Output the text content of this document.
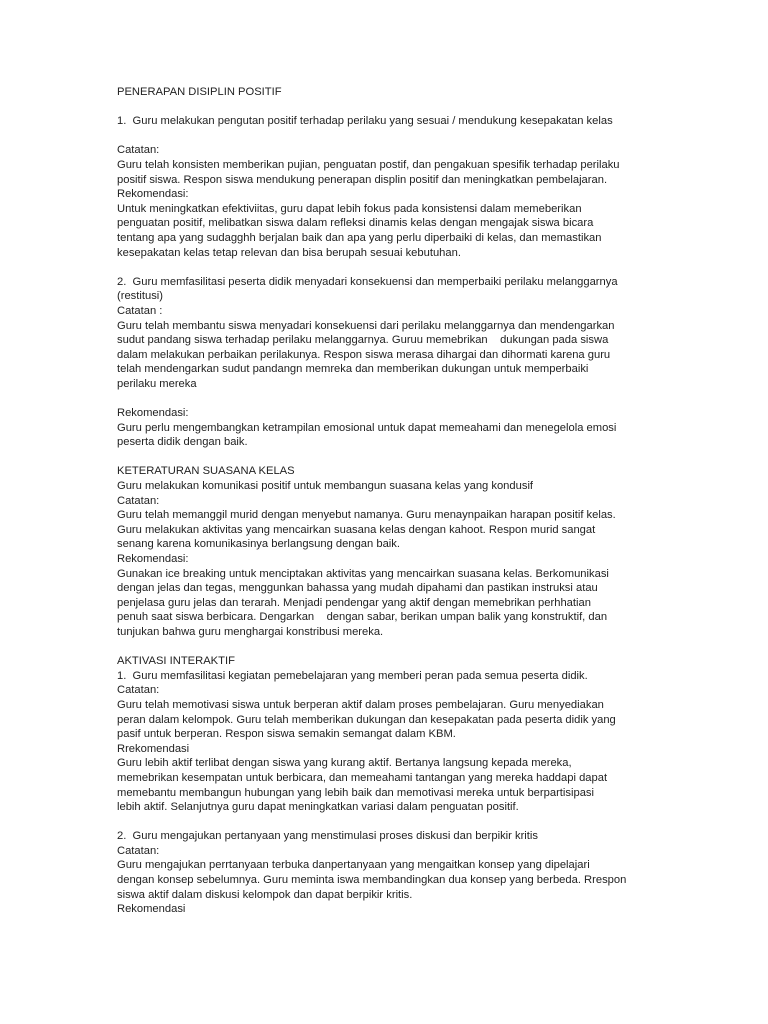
PENERAPAN DISIPLIN POSITIF
1.  Guru melakukan pengutan positif terhadap perilaku yang sesuai / mendukung kesepakatan kelas
Catatan:
Guru telah konsisten memberikan pujian, penguatan postif, dan pengakuan spesifik terhadap perilaku
positif siswa. Respon siswa mendukung penerapan displin positif dan meningkatkan pembelajaran.
Rekomendasi:
Untuk meningkatkan efektiviitas, guru dapat lebih fokus pada konsistensi dalam memeberikan
penguatan positif, melibatkan siswa dalam refleksi dinamis kelas dengan mengajak siswa bicara
tentang apa yang sudagghh berjalan baik dan apa yang perlu diperbaiki di kelas, dan memastikan
kesepakatan kelas tetap relevan dan bisa berupah sesuai kebutuhan.
2.  Guru memfasilitasi peserta didik menyadari konsekuensi dan memperbaiki perilaku melanggarnya
(restitusi)
Catatan :
Guru telah membantu siswa menyadari konsekuensi dari perilaku melanggarnya dan mendengarkan
sudut pandang siswa terhadap perilaku melanggarnya. Guruu memebrikan    dukungan pada siswa
dalam melakukan perbaikan perilakunya. Respon siswa merasa dihargai dan dihormati karena guru
telah mendengarkan sudut pandangn memreka dan memberikan dukungan untuk memperbaiki
perilaku mereka
Rekomendasi:
Guru perlu mengembangkan ketrampilan emosional untuk dapat memeahami dan menegelola emosi
peserta didik dengan baik.
KETERATURAN SUASANA KELAS
Guru melakukan komunikasi positif untuk membangun suasana kelas yang kondusif
Catatan:
Guru telah memanggil murid dengan menyebut namanya. Guru menaynpaikan harapan positif kelas.
Guru melakukan aktivitas yang mencairkan suasana kelas dengan kahoot. Respon murid sangat
senang karena komunikasinya berlangsung dengan baik.
Rekomendasi:
Gunakan ice breaking untuk menciptakan aktivitas yang mencairkan suasana kelas. Berkomunikasi
dengan jelas dan tegas, menggunkan bahassa yang mudah dipahami dan pastikan instruksi atau
penjelasa guru jelas dan terarah. Menjadi pendengar yang aktif dengan memebrikan perhhatian
penuh saat siswa berbicara. Dengarkan    dengan sabar, berikan umpan balik yang konstruktif, dan
tunjukan bahwa guru menghargai konstribusi mereka.
AKTIVASI INTERAKTIF
1.  Guru memfasilitasi kegiatan pemebelajaran yang memberi peran pada semua peserta didik.
Catatan:
Guru telah memotivasi siswa untuk berperan aktif dalam proses pembelajaran. Guru menyediakan
peran dalam kelompok. Guru telah memberikan dukungan dan kesepakatan pada peserta didik yang
pasif untuk berperan. Respon siswa semakin semangat dalam KBM.
Rrekomendasi
Guru lebih aktif terlibat dengan siswa yang kurang aktif. Bertanya langsung kepada mereka,
memebrikan kesempatan untuk berbicara, dan memeahami tantangan yang mereka haddapi dapat
memebantu membangun hubungan yang lebih baik dan memotivasi mereka untuk berpartisipasi
lebih aktif. Selanjutnya guru dapat meningkatkan variasi dalam penguatan positif.
2.  Guru mengajukan pertanyaan yang menstimulasi proses diskusi dan berpikir kritis
Catatan:
Guru mengajukan perrtanyaan terbuka danpertanyaan yang mengaitkan konsep yang dipelajari
dengan konsep sebelumnya. Guru meminta iswa membandingkan dua konsep yang berbeda. Rrespon
siswa aktif dalam diskusi kelompok dan dapat berpikir kritis.
Rekomendasi
